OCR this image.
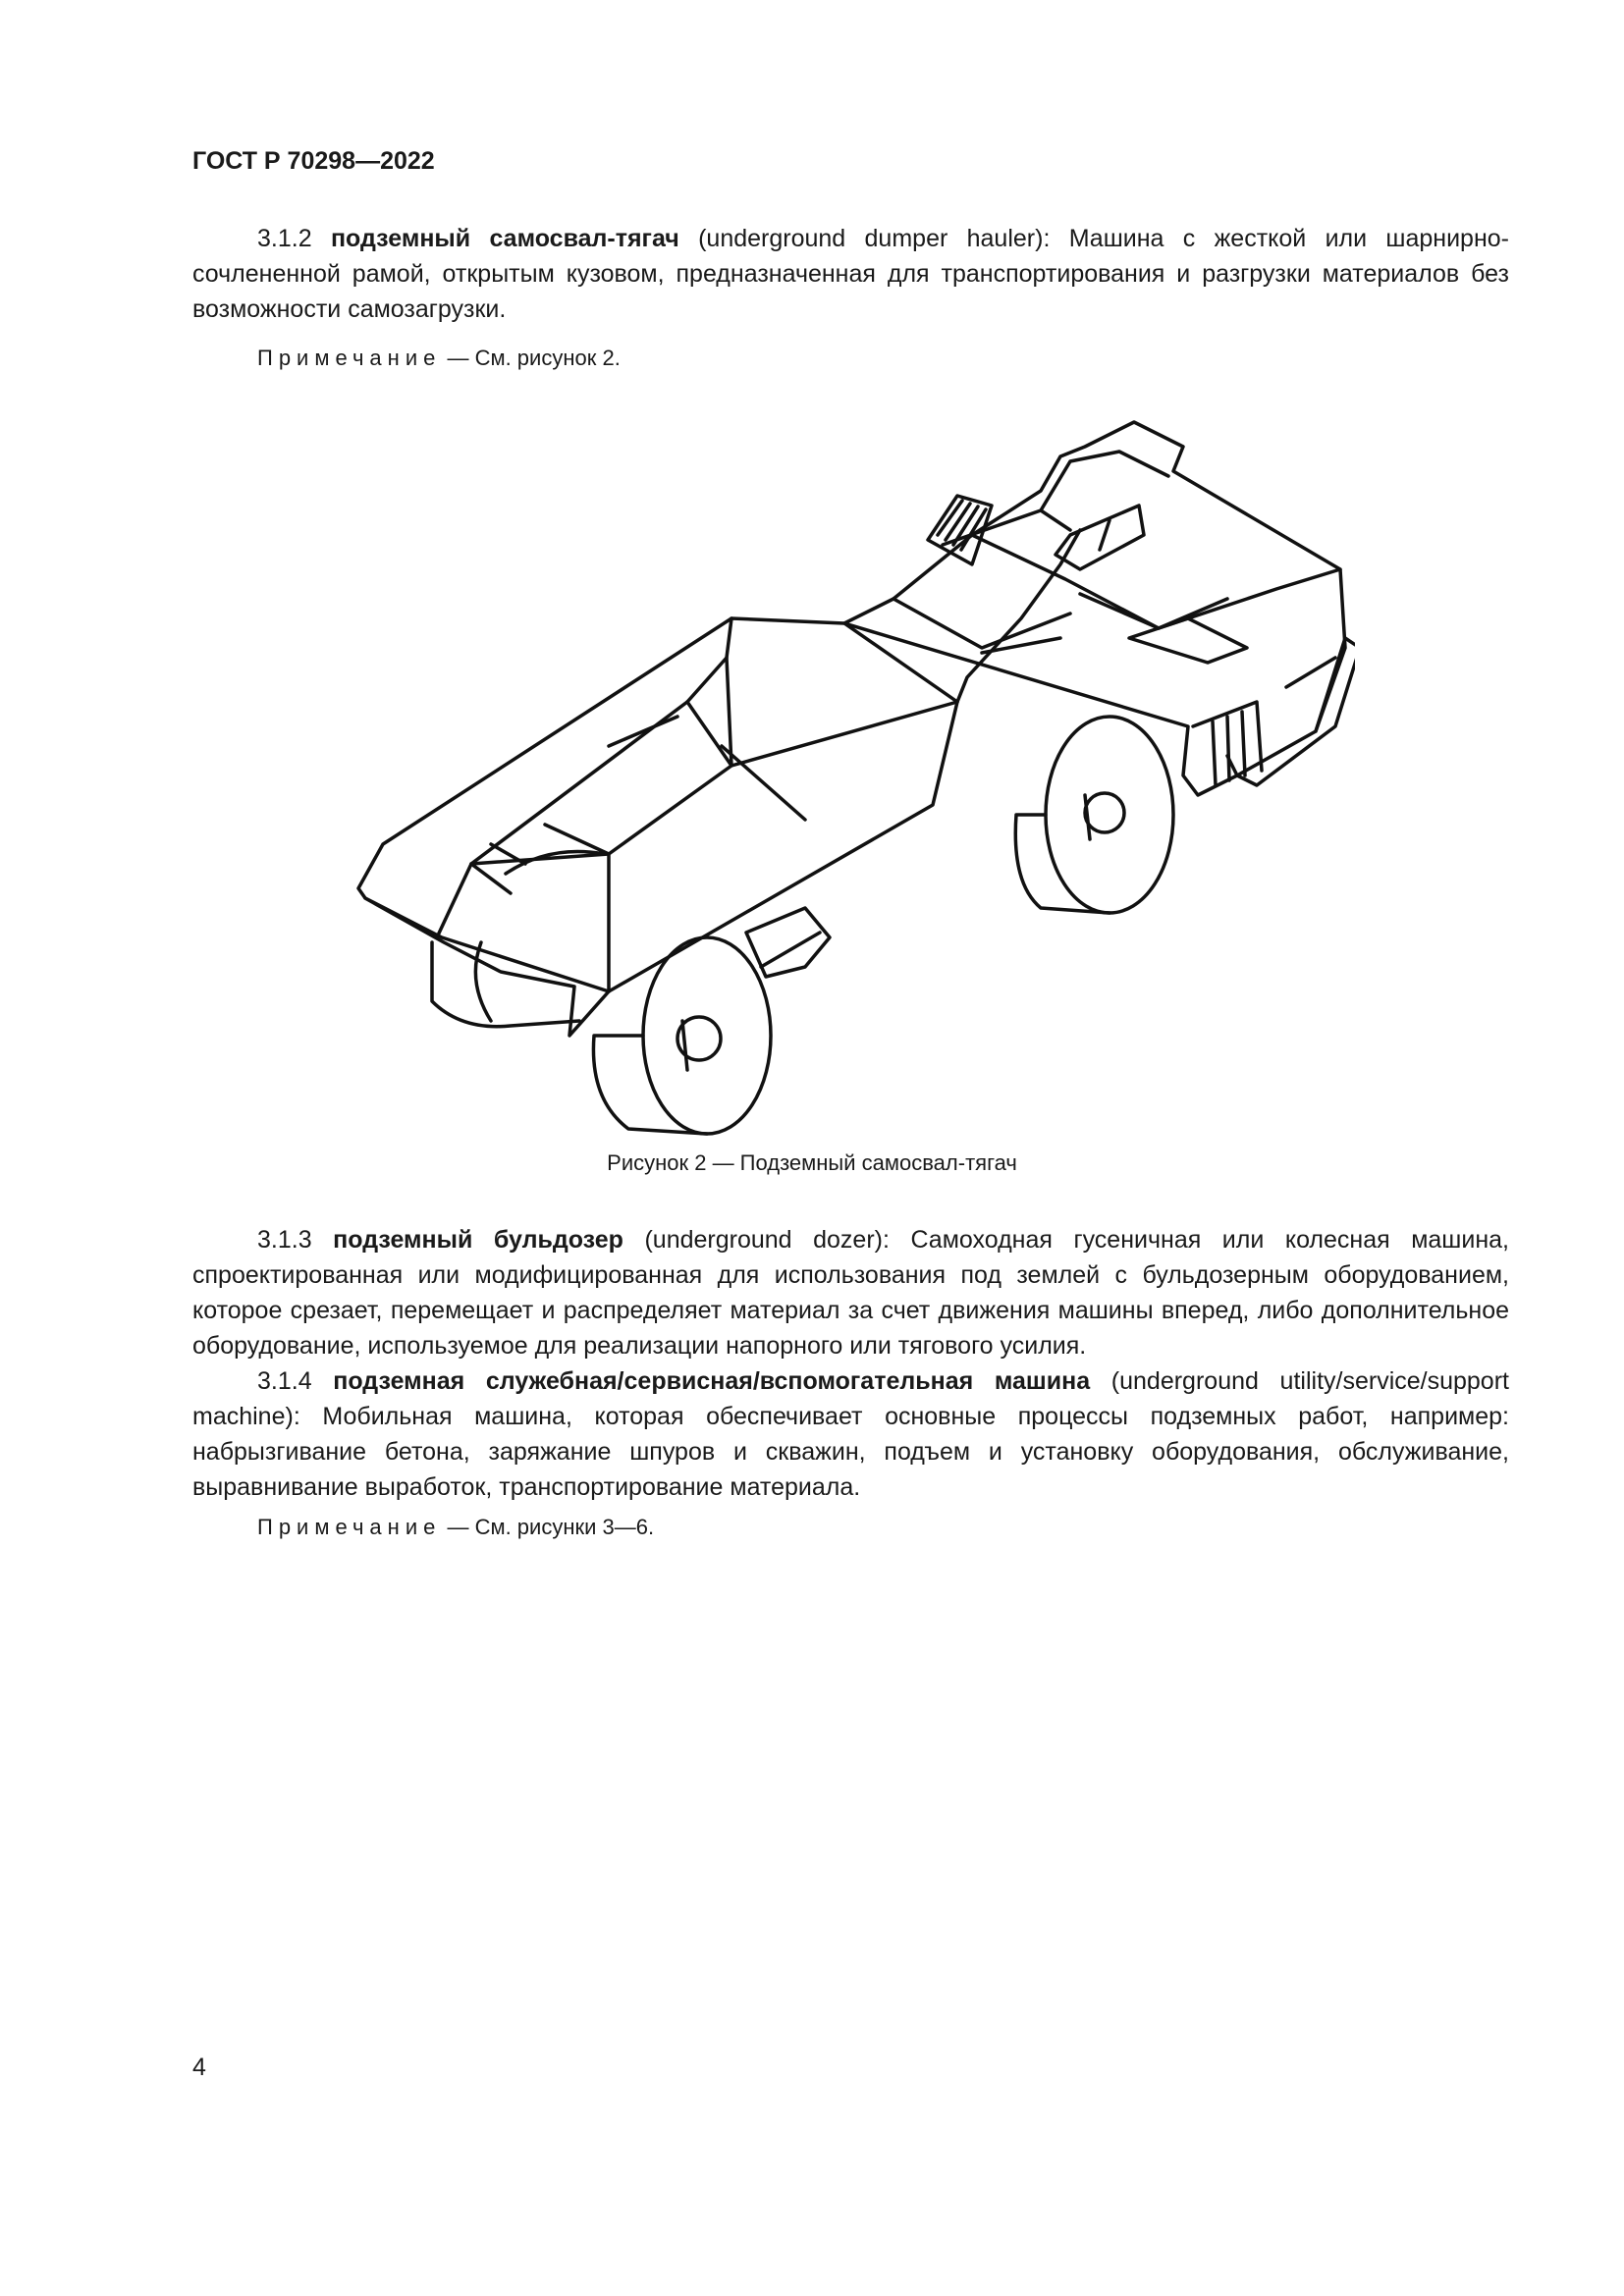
ГОСТ Р 70298—2022

3.1.2 подземный самосвал-тягач (underground dumper hauler): Машина с жесткой или шарнирно-сочлененной рамой, открытым кузовом, предназначенная для транспортирования и разгрузки материалов без возможности самозагрузки.

Примечание — См. рисунок 2.

Рисунок 2 — Подземный самосвал-тягач

3.1.3 подземный бульдозер (underground dozer): Самоходная гусеничная или колесная машина, спроектированная или модифицированная для использования под землей с бульдозерным оборудованием, которое срезает, перемещает и распределяет материал за счет движения машины вперед, либо дополнительное оборудование, используемое для реализации напорного или тягового усилия.

3.1.4 подземная служебная/сервисная/вспомогательная машина (underground utility/service/support machine): Мобильная машина, которая обеспечивает основные процессы подземных работ, например: набрызгивание бетона, заряжание шпуров и скважин, подъем и установку оборудования, обслуживание, выравнивание выработок, транспортирование материала.

Примечание — См. рисунки 3—6.

4
